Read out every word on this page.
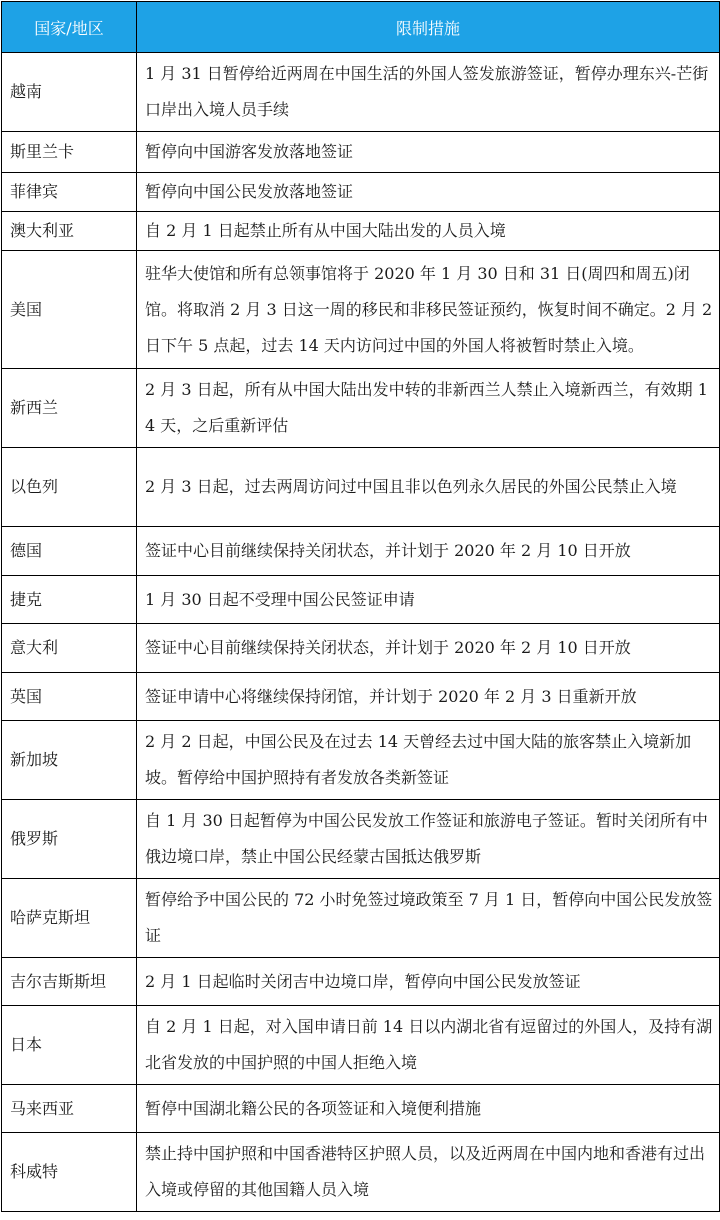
国家/地区	限制措施
越南	1 月 31 日暂停给近两周在中国生活的外国人签发旅游签证，暂停办理东兴-芒街口岸出入境人员手续
斯里兰卡	暂停向中国游客发放落地签证
菲律宾	暂停向中国公民发放落地签证
澳大利亚	自 2 月 1 日起禁止所有从中国大陆出发的人员入境
美国	驻华大使馆和所有总领事馆将于 2020 年 1 月 30 日和 31 日(周四和周五)闭馆。将取消 2 月 3 日这一周的移民和非移民签证预约，恢复时间不确定。2 月 2 日下午 5 点起，过去 14 天内访问过中国的外国人将被暂时禁止入境。
新西兰	2 月 3 日起，所有从中国大陆出发中转的非新西兰人禁止入境新西兰，有效期 14 天，之后重新评估
以色列	2 月 3 日起，过去两周访问过中国且非以色列永久居民的外国公民禁止入境
德国	签证中心目前继续保持关闭状态，并计划于 2020 年 2 月 10 日开放
捷克	1 月 30 日起不受理中国公民签证申请
意大利	签证中心目前继续保持关闭状态，并计划于 2020 年 2 月 10 日开放
英国	签证申请中心将继续保持闭馆，并计划于 2020 年 2 月 3 日重新开放
新加坡	2 月 2 日起，中国公民及在过去 14 天曾经去过中国大陆的旅客禁止入境新加坡。暂停给中国护照持有者发放各类新签证
俄罗斯	自 1 月 30 日起暂停为中国公民发放工作签证和旅游电子签证。暂时关闭所有中俄边境口岸，禁止中国公民经蒙古国抵达俄罗斯
哈萨克斯坦	暂停给予中国公民的 72 小时免签过境政策至 7 月 1 日，暂停向中国公民发放签证
吉尔吉斯斯坦	2 月 1 日起临时关闭吉中边境口岸，暂停向中国公民发放签证
日本	自 2 月 1 日起，对入国申请日前 14 日以内湖北省有逗留过的外国人，及持有湖北省发放的中国护照的中国人拒绝入境
马来西亚	暂停中国湖北籍公民的各项签证和入境便利措施
科威特	禁止持中国护照和中国香港特区护照人员，以及近两周在中国内地和香港有过出入境或停留的其他国籍人员入境
